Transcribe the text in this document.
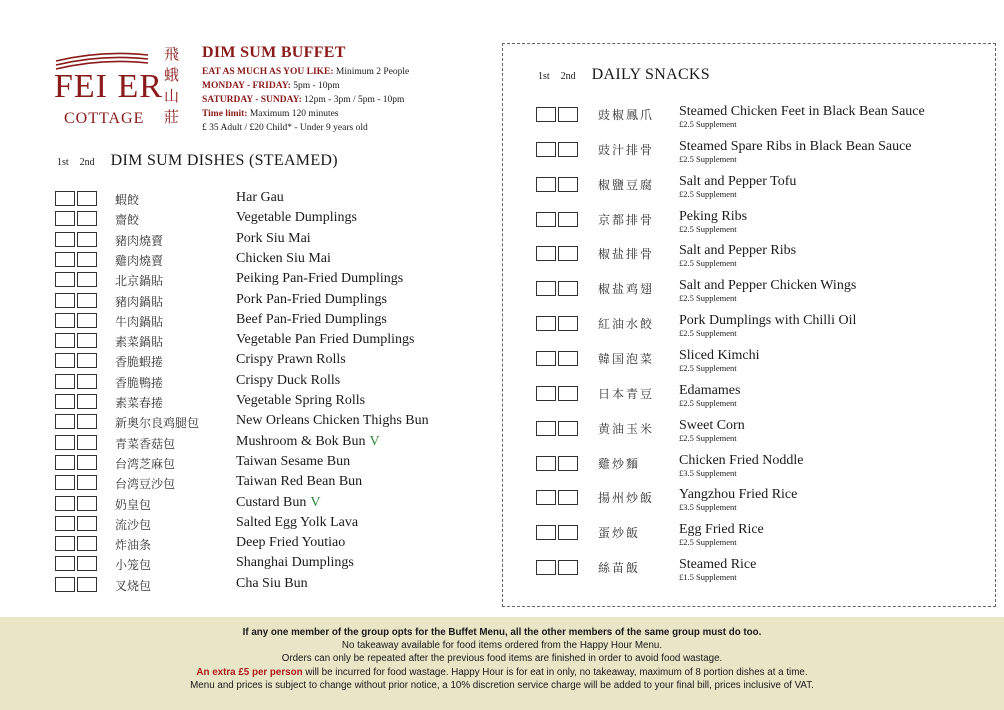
FEI ER
COTTAGE
飛
蛾
山
莊
DIM SUM BUFFET
EAT AS MUCH AS YOU LIKE: Minimum 2 People
MONDAY - FRIDAY: 5pm - 10pm
SATURDAY - SUNDAY: 12pm - 3pm / 5pm - 10pm
Time limit: Maximum 120 minutes
£ 35 Adult / £20 Child* - Under 9 years old
1st 2nd DIM SUM DISHES (STEAMED)
蝦餃	Har Gau
齋餃	Vegetable Dumplings
豬肉燒賣	Pork Siu Mai
雞肉燒賣	Chicken Siu Mai
北京鍋貼	Peiking Pan-Fried Dumplings
豬肉鍋貼	Pork Pan-Fried Dumplings
牛肉鍋貼	Beef Pan-Fried Dumplings
素菜鍋貼	Vegetable Pan Fried Dumplings
香脆蝦捲	Crispy Prawn Rolls
香脆鴨捲	Crispy Duck Rolls
素菜春捲	Vegetable Spring Rolls
新奥尔良鸡腿包	New Orleans Chicken Thighs Bun
青菜香菇包	Mushroom & Bok Bun V
台湾芝麻包	Taiwan Sesame Bun
台湾豆沙包	Taiwan Red Bean Bun
奶皇包	Custard Bun V
流沙包	Salted Egg Yolk Lava
炸油条	Deep Fried Youtiao
小笼包	Shanghai Dumplings
叉烧包	Cha Siu Bun
1st 2nd DAILY SNACKS
豉椒鳳爪 Steamed Chicken Feet in Black Bean Sauce
£2.5 Supplement
豉汁排骨 Steamed Spare Ribs in Black Bean Sauce
£2.5 Supplement
椒鹽豆腐 Salt and Pepper Tofu
£2.5 Supplement
京都排骨 Peking Ribs
£2.5 Supplement
椒盐排骨 Salt and Pepper Ribs
£2.5 Supplement
椒盐鸡翅 Salt and Pepper Chicken Wings
£2.5 Supplement
紅油水餃 Pork Dumplings with Chilli Oil
£2.5 Supplement
韓国泡菜 Sliced Kimchi
£2.5 Supplement
日本青豆 Edamames
£2.5 Supplement
黄油玉米 Sweet Corn
£2.5 Supplement
雞炒麵	Chicken Fried Noddle
£3.5 Supplement
揚州炒飯 Yangzhou Fried Rice
£3.5 Supplement
蛋炒飯	Egg Fried Rice
£2.5 Supplement
絲苗飯	Steamed Rice
£1.5 Supplement
If any one member of the group opts for the Buffet Menu, all the other members of the same group must do too.
No takeaway available for food items ordered from the Happy Hour Menu.
Orders can only be repeated after the previous food items are finished in order to avoid food wastage.
An extra £5 per person will be incurred for food wastage. Happy Hour is for eat in only, no takeaway, maximum of 8 portion dishes at a time.
Menu and prices is subject to change without prior notice, a 10% discretion service charge will be added to your final bill, prices inclusive of VAT.
